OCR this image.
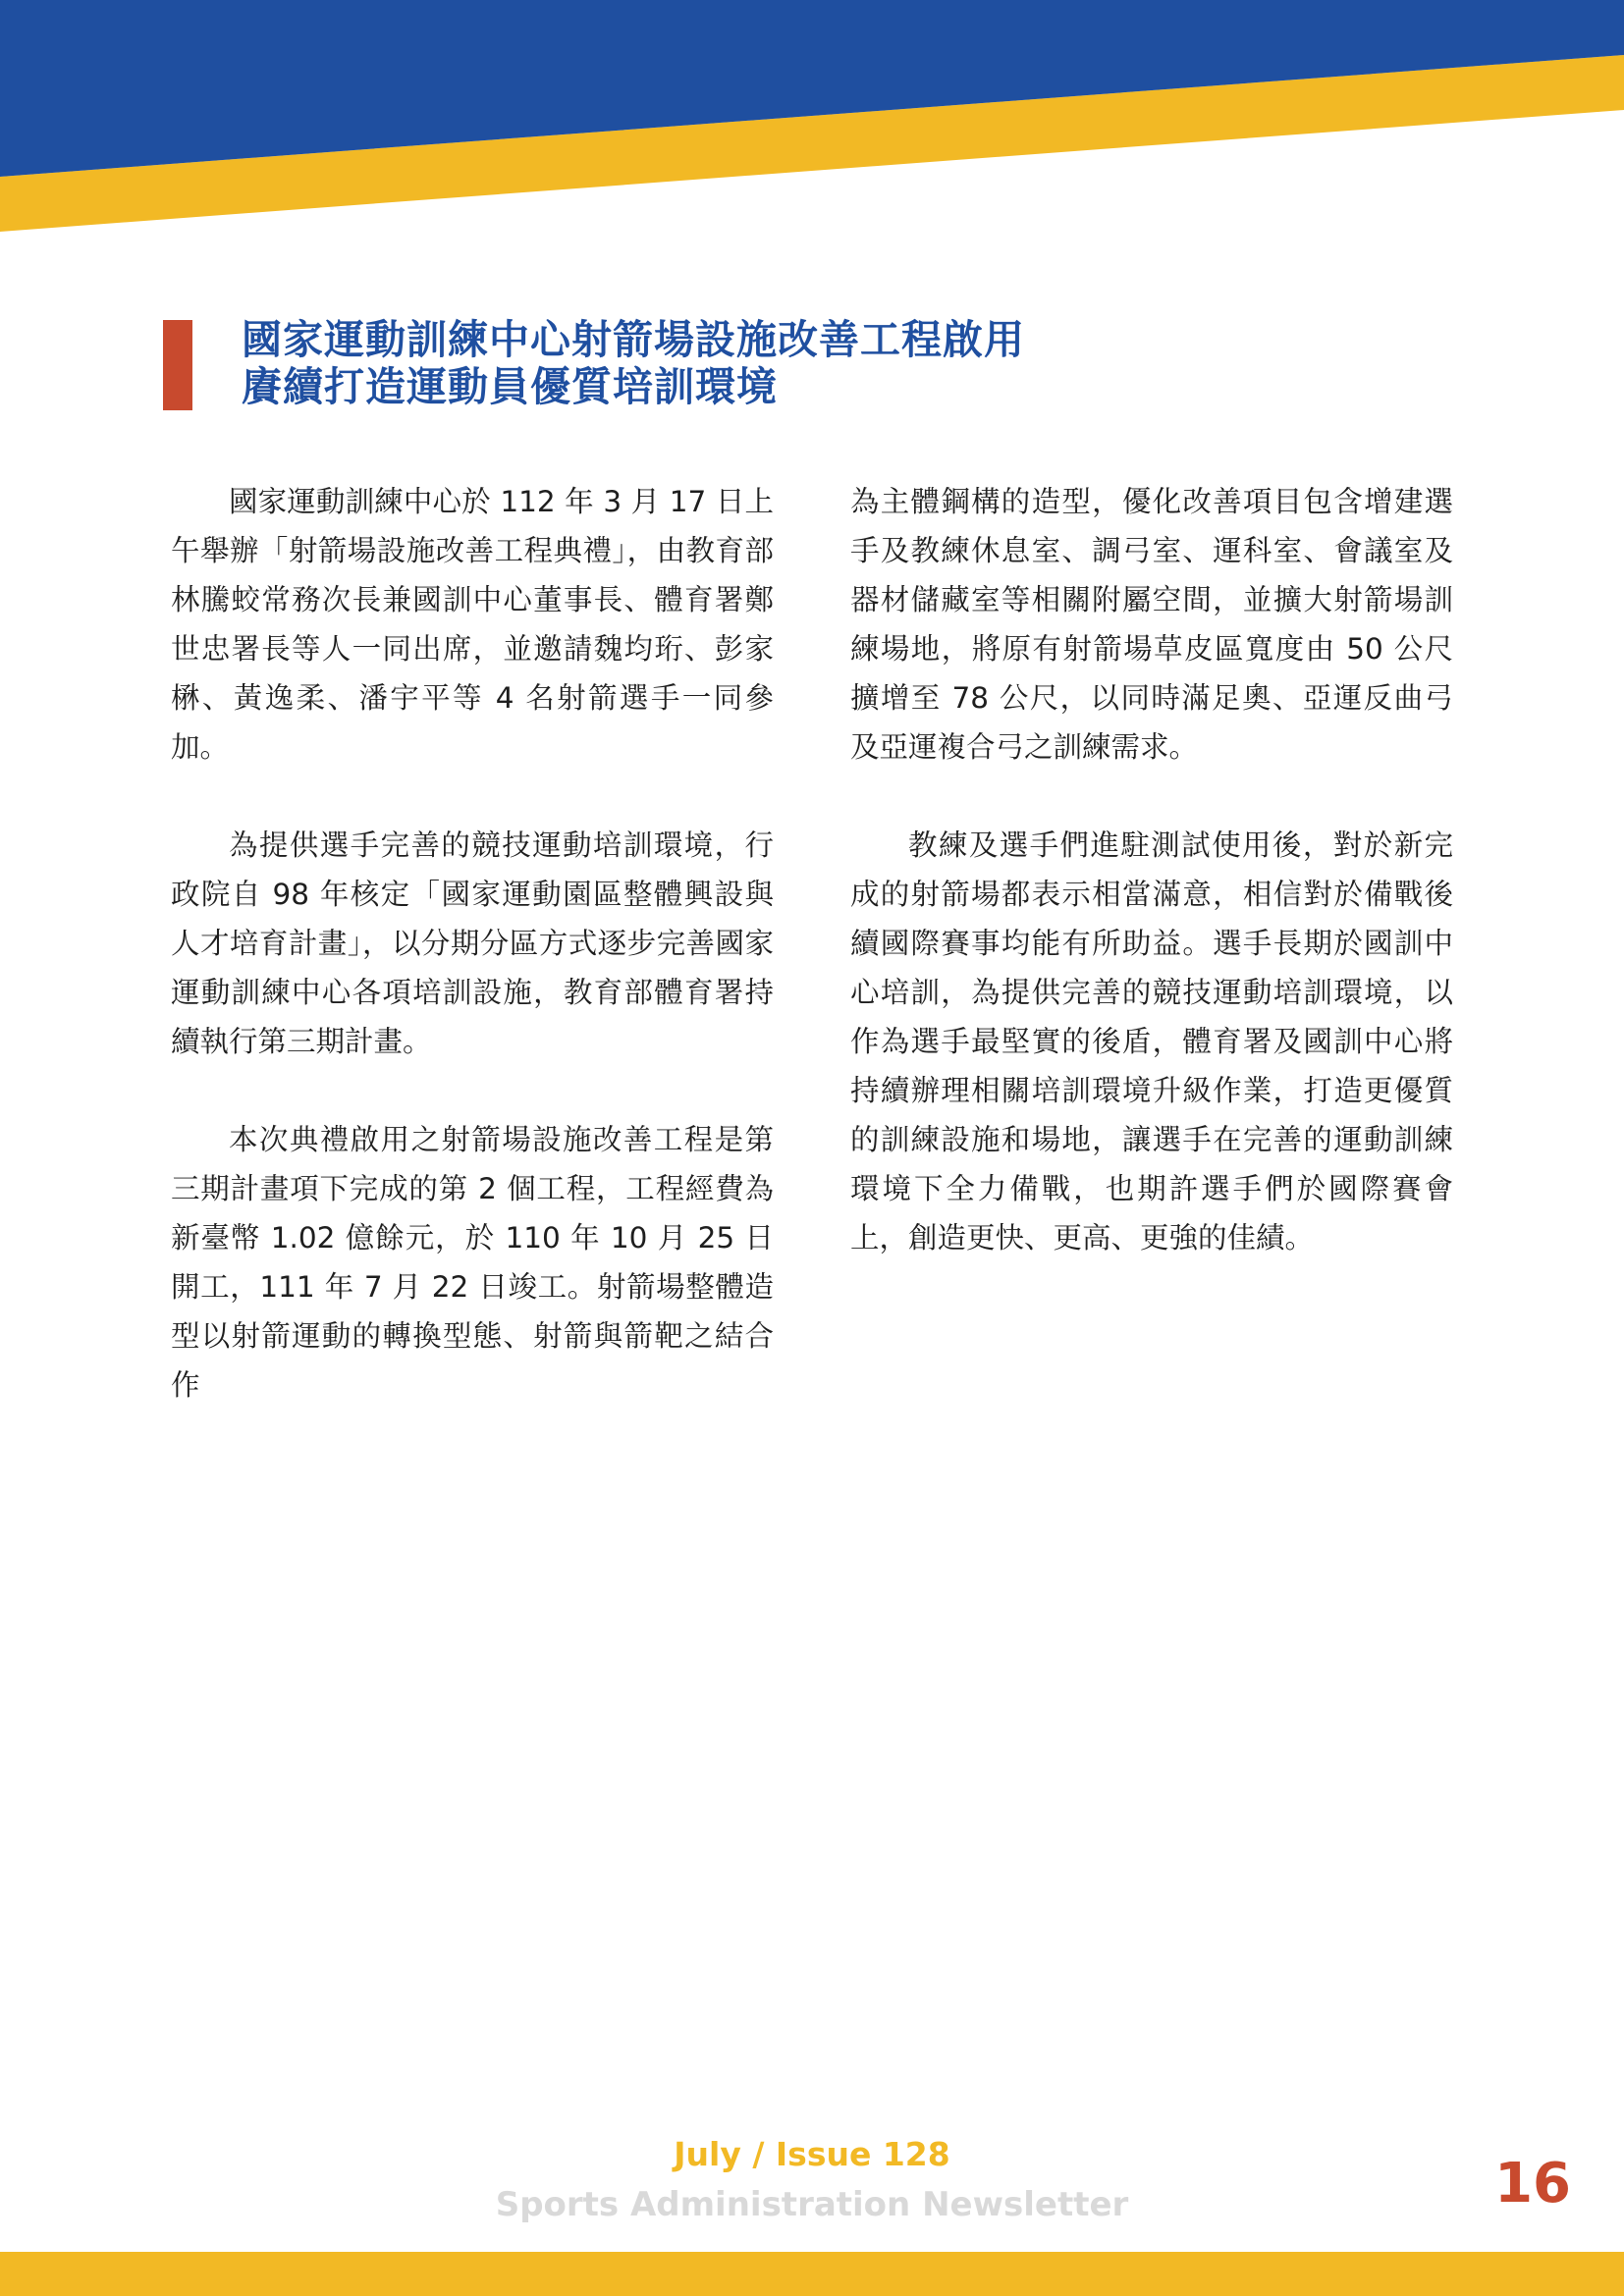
國家運動訓練中心射箭場設施改善工程啟用
賡續打造運動員優質培訓環境

國家運動訓練中心於 112 年 3 月 17 日上午舉辦「射箭場設施改善工程典禮」，由教育部林騰蛟常務次長兼國訓中心董事長、體育署鄭世忠署長等人一同出席，並邀請魏均珩、彭家楙、黃逸柔、潘宇平等 4 名射箭選手一同參加。

為提供選手完善的競技運動培訓環境，行政院自 98 年核定「國家運動園區整體興設與人才培育計畫」，以分期分區方式逐步完善國家運動訓練中心各項培訓設施，教育部體育署持續執行第三期計畫。

本次典禮啟用之射箭場設施改善工程是第三期計畫項下完成的第 2 個工程，工程經費為新臺幣 1.02 億餘元，於 110 年 10 月 25 日開工，111 年 7 月 22 日竣工。射箭場整體造型以射箭運動的轉換型態、射箭與箭靶之結合作

為主體鋼構的造型，優化改善項目包含增建選手及教練休息室、調弓室、運科室、會議室及器材儲藏室等相關附屬空間，並擴大射箭場訓練場地，將原有射箭場草皮區寬度由 50 公尺擴增至 78 公尺，以同時滿足奧、亞運反曲弓及亞運複合弓之訓練需求。

教練及選手們進駐測試使用後，對於新完成的射箭場都表示相當滿意，相信對於備戰後續國際賽事均能有所助益。選手長期於國訓中心培訓，為提供完善的競技運動培訓環境，以作為選手最堅實的後盾，體育署及國訓中心將持續辦理相關培訓環境升級作業，打造更優質的訓練設施和場地，讓選手在完善的運動訓練環境下全力備戰，也期許選手們於國際賽會上，創造更快、更高、更強的佳績。

July / Issue 128
Sports Administration Newsletter	16
